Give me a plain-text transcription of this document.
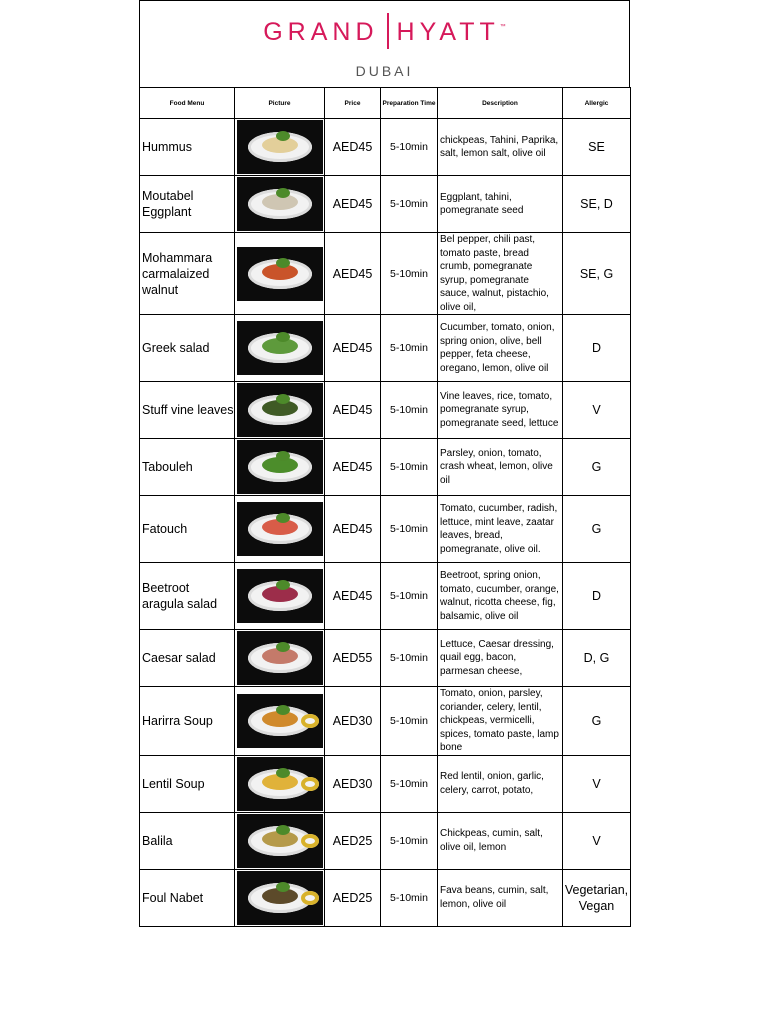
GRAND HYATT™
DUBAI
Food Menu	Picture	Price	Preparation Time	Description	Allergic
Hummus		AED45	5-10min	chickpeas, Tahini, Paprika, salt, lemon salt, olive oil	SE
Moutabel Eggplant		AED45	5-10min	Eggplant, tahini, pomegranate seed	SE, D
Mohammara carmalaized walnut		AED45	5-10min	Bel pepper, chili past, tomato paste, bread crumb, pomegranate syrup, pomegranate sauce, walnut, pistachio, olive oil,	SE, G
Greek salad		AED45	5-10min	Cucumber, tomato, onion, spring onion, olive, bell pepper, feta cheese, oregano, lemon, olive oil	D
Stuff vine leaves		AED45	5-10min	Vine leaves, rice, tomato, pomegranate syrup, pomegranate seed, lettuce	V
Tabouleh		AED45	5-10min	Parsley, onion, tomato, crash wheat, lemon, olive oil	G
Fatouch		AED45	5-10min	Tomato, cucumber, radish, lettuce, mint leave, zaatar leaves, bread, pomegranate, olive oil.	G
Beetroot aragula salad		AED45	5-10min	Beetroot, spring onion, tomato, cucumber, orange, walnut, ricotta cheese, fig, balsamic, olive oil	D
Caesar salad		AED55	5-10min	Lettuce, Caesar dressing, quail egg, bacon, parmesan cheese,	D, G
Harirra Soup		AED30	5-10min	Tomato, onion, parsley, coriander, celery, lentil, chickpeas, vermicelli, spices, tomato paste, lamp bone	G
Lentil Soup		AED30	5-10min	Red lentil, onion, garlic, celery, carrot, potato,	V
Balila		AED25	5-10min	Chickpeas, cumin, salt, olive oil, lemon	V
Foul Nabet		AED25	5-10min	Fava beans, cumin, salt, lemon, olive oil	Vegetarian, Vegan
